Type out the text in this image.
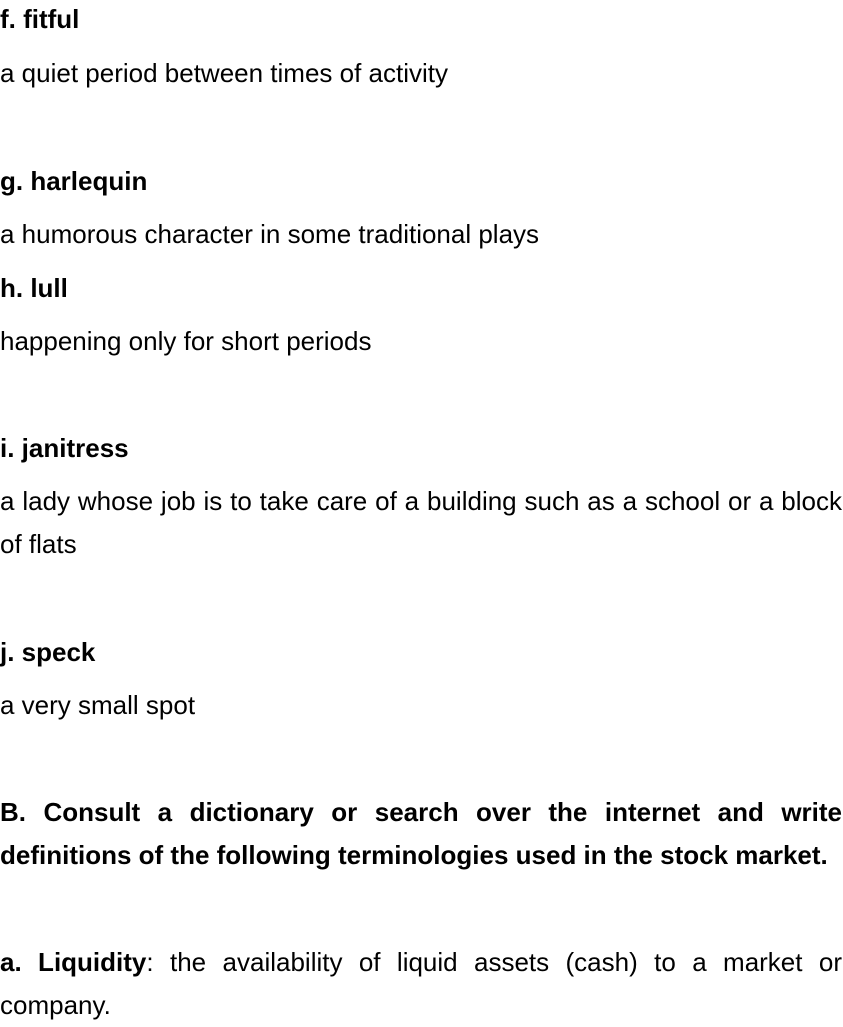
f. fitful
a quiet period between times of activity
g. harlequin
a humorous character in some traditional plays
h. lull
happening only for short periods
i. janitress
a lady whose job is to take care of a building such as a school or a block of flats
j. speck
a very small spot
B. Consult a dictionary or search over the internet and write definitions of the following terminologies used in the stock market.
a. Liquidity: the availability of liquid assets (cash) to a market or company.
